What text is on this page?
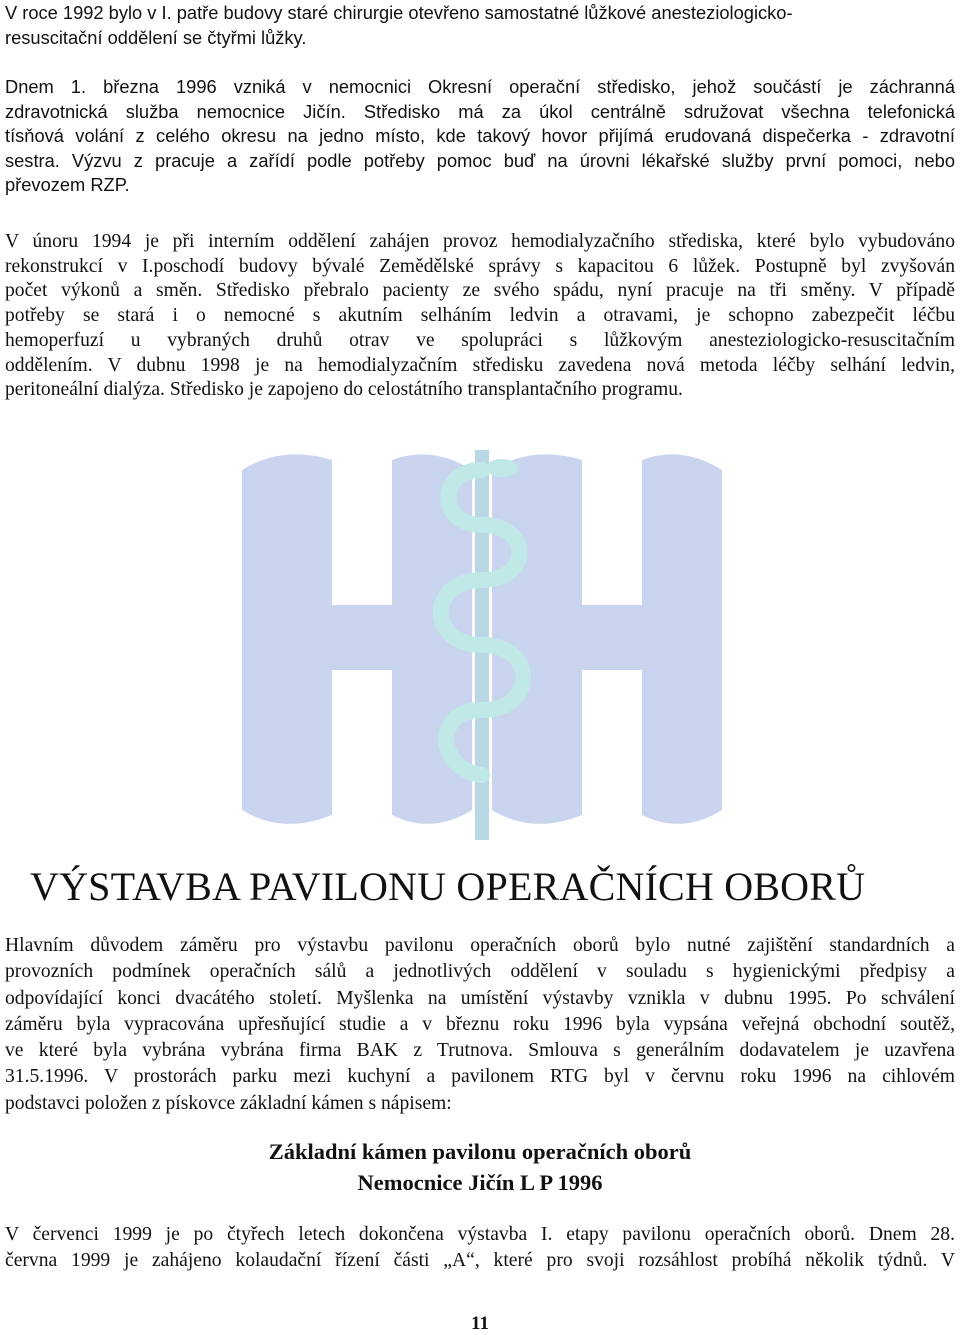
V roce 1992 bylo v I. patře budovy staré chirurgie otevřeno samostatné lůžkové anesteziologicko-
resuscitační oddělení se čtyřmi lůžky.
Dnem 1. března 1996 vzniká v nemocnici Okresní operační středisko, jehož součástí je záchranná
zdravotnická služba nemocnice Jičín. Středisko má za úkol centrálně sdružovat všechna telefonická
tísňová volání z celého okresu na jedno místo, kde takový hovor přijímá erudovaná dispečerka - zdravotní
sestra. Výzvu z pracuje a zařídí podle potřeby pomoc buď na úrovni lékařské služby první pomoci, nebo
převozem RZP.
V únoru 1994 je při interním oddělení zahájen provoz hemodialyzačního střediska, které bylo vybudováno
rekonstrukcí v I.poschodí budovy bývalé Zemědělské správy s kapacitou 6 lůžek. Postupně byl zvyšován
počet výkonů a směn. Středisko přebralo pacienty ze svého spádu, nyní pracuje na tři směny. V případě
potřeby se stará i o nemocné s akutním selháním ledvin a otravami, je schopno zabezpečit léčbu
hemoperfuzí u vybraných druhů otrav ve spolupráci s lůžkovým anesteziologicko-resuscitačním
oddělením. V dubnu 1998 je na hemodialyzačním středisku zavedena nová metoda léčby selhání ledvin,
peritoneální dialýza. Středisko je zapojeno do celostátního transplantačního programu.
VÝSTAVBA PAVILONU OPERAČNÍCH OBORŮ
Hlavním důvodem záměru pro výstavbu pavilonu operačních oborů bylo nutné zajištění standardních a
provozních podmínek operačních sálů a jednotlivých oddělení v souladu s hygienickými předpisy a
odpovídající konci dvacátého století. Myšlenka na umístění výstavby vznikla v dubnu 1995. Po schválení
záměru byla vypracována upřesňující studie a v březnu roku 1996 byla vypsána veřejná obchodní soutěž,
ve které byla vybrána vybrána firma BAK z Trutnova. Smlouva s generálním dodavatelem je uzavřena
31.5.1996. V prostorách parku mezi kuchyní a pavilonem RTG byl v červnu roku 1996 na cihlovém
podstavci položen z pískovce základní kámen s nápisem:

Základní kámen pavilonu operačních oborů

Nemocnice Jičín L P 1996

V červenci 1999 je po čtyřech letech dokončena výstavba I. etapy pavilonu operačních oborů. Dnem 28.
června 1999 je zahájeno kolaudační řízení části „A“, které pro svoji rozsáhlost probíhá několik týdnů. V

11
